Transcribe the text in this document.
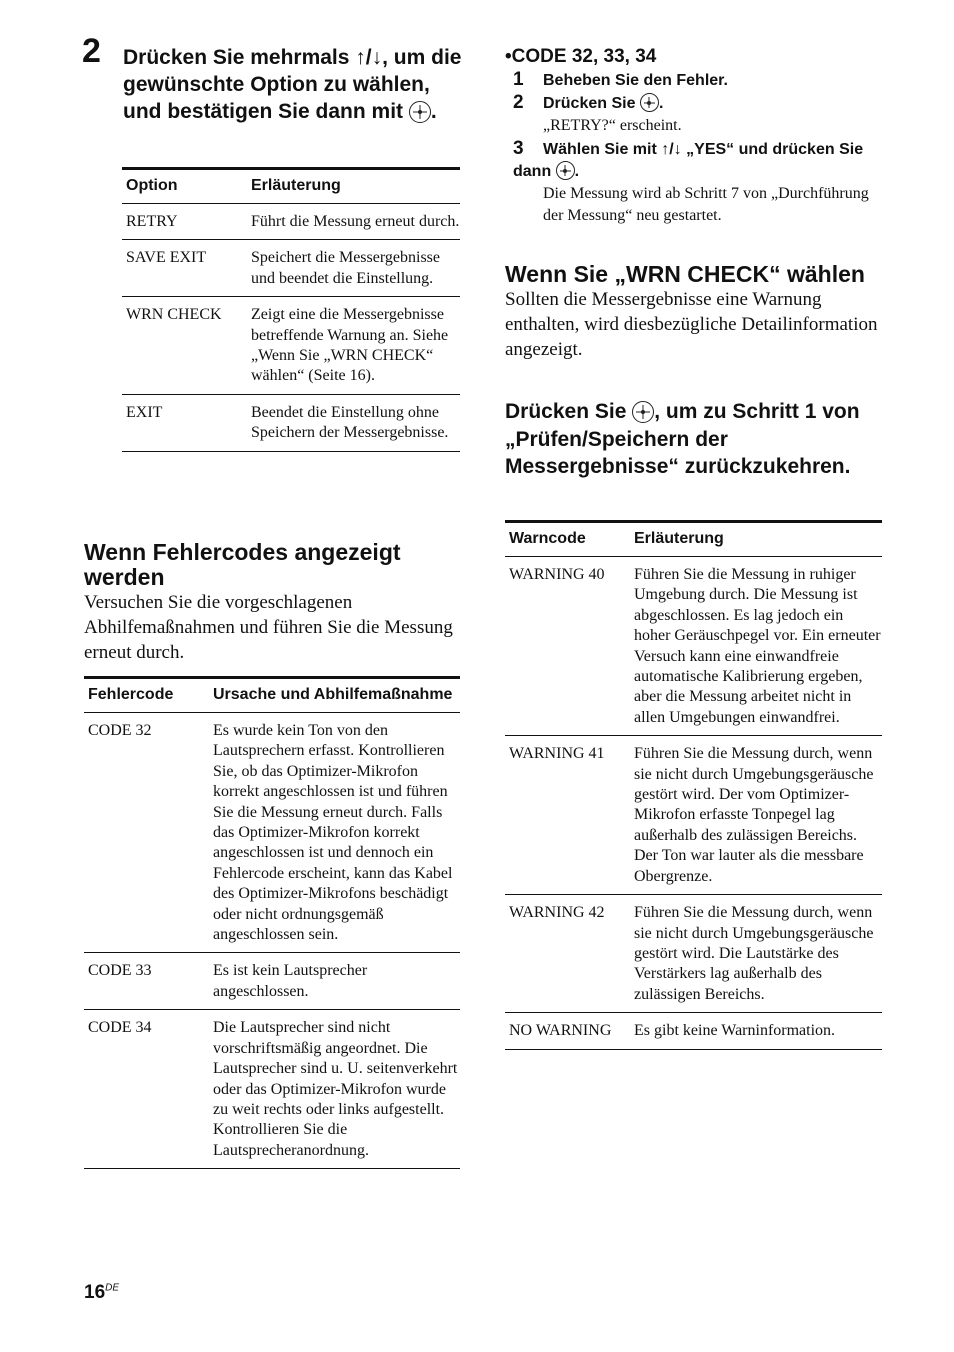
2 Drücken Sie mehrmals ↑/↓, um die gewünschte Option zu wählen, und bestätigen Sie dann mit .
Option	Erläuterung
RETRY	Führt die Messung erneut durch.
SAVE EXIT	Speichert die Messergebnisse und beendet die Einstellung.
WRN CHECK	Zeigt eine die Messergebnisse betreffende Warnung an. Siehe „Wenn Sie „WRN CHECK“ wählen“ (Seite 16).
EXIT	Beendet die Einstellung ohne Speichern der Messergebnisse.
Wenn Fehlercodes angezeigt werden

Versuchen Sie die vorgeschlagenen Abhilfemaßnahmen und führen Sie die Messung erneut durch.

Fehlercode	Ursache und Abhilfemaßnahme
CODE 32	Es wurde kein Ton von den Lautsprechern erfasst. Kontrollieren Sie, ob das Optimizer-Mikrofon korrekt angeschlossen ist und führen Sie die Messung erneut durch. Falls das Optimizer-Mikrofon korrekt angeschlossen ist und dennoch ein Fehlercode erscheint, kann das Kabel des Optimizer-Mikrofons beschädigt oder nicht ordnungsgemäß angeschlossen sein.
CODE 33	Es ist kein Lautsprecher angeschlossen.
CODE 34	Die Lautsprecher sind nicht vorschriftsmäßig angeordnet. Die Lautsprecher sind u. U. seitenverkehrt oder das Optimizer-Mikrofon wurde zu weit rechts oder links aufgestellt. Kontrollieren Sie die Lautsprecheranordnung.
•CODE 32, 33, 34
1 Beheben Sie den Fehler.
2 Drücken Sie .
„RETRY?“ erscheint.
3 Wählen Sie mit ↑/↓ „YES“ und drücken Sie dann .
Die Messung wird ab Schritt 7 von „Durchführung der Messung“ neu gestartet.
Wenn Sie „WRN CHECK“ wählen

Sollten die Messergebnisse eine Warnung enthalten, wird diesbezügliche Detailinformation angezeigt.

Drücken Sie , um zu Schritt 1 von „Prüfen/Speichern der Messergebnisse“ zurückzukehren.
Warncode	Erläuterung
WARNING 40	Führen Sie die Messung in ruhiger Umgebung durch. Die Messung ist abgeschlossen. Es lag jedoch ein hoher Geräuschpegel vor. Ein erneuter Versuch kann eine einwandfreie automatische Kalibrierung ergeben, aber die Messung arbeitet nicht in allen Umgebungen einwandfrei.
WARNING 41	Führen Sie die Messung durch, wenn sie nicht durch Umgebungsgeräusche gestört wird. Der vom Optimizer-Mikrofon erfasste Tonpegel lag außerhalb des zulässigen Bereichs. Der Ton war lauter als die messbare Obergrenze.
WARNING 42	Führen Sie die Messung durch, wenn sie nicht durch Umgebungsgeräusche gestört wird. Die Lautstärke des Verstärkers lag außerhalb des zulässigen Bereichs.
NO WARNING	Es gibt keine Warninformation.
16DE
